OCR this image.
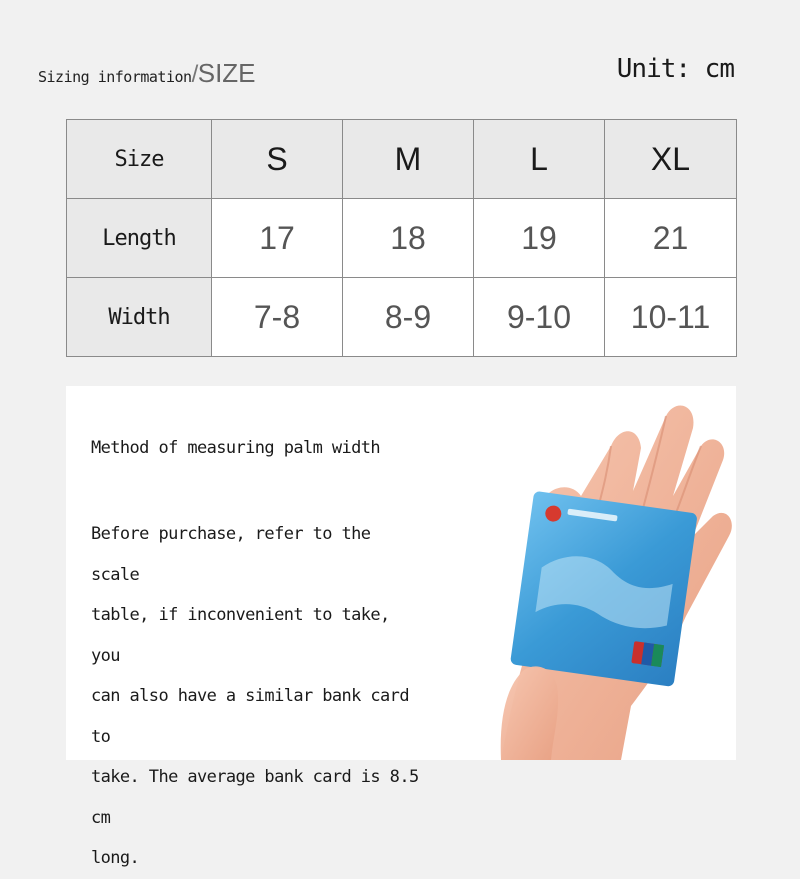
Sizing information/SIZE	Unit: cm
Size	S	M	L	XL
Length	17	18	19	21
Width	7-8	8-9	9-10	10-11
Method of measuring palm width
Before purchase, refer to the scale
table, if inconvenient to take, you
can also have a similar bank card to
take. The average bank card is 8.5 cm
long.
